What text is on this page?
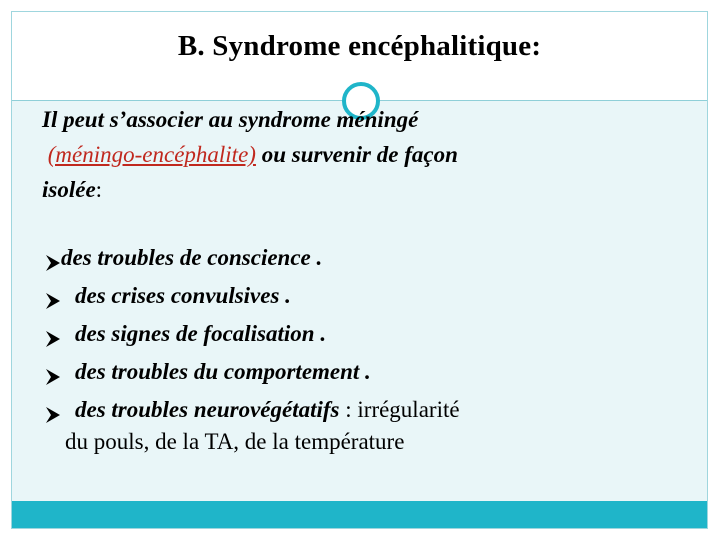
B. Syndrome encéphalitique:
Il peut s’associer au syndrome méningé
(méningo-encéphalite) ou survenir de façon
isolée:
des troubles de conscience .
des crises convulsives .
des signes de focalisation .
des troubles du comportement .
des troubles neurovégétatifs : irrégularité
du pouls, de la TA, de la température
